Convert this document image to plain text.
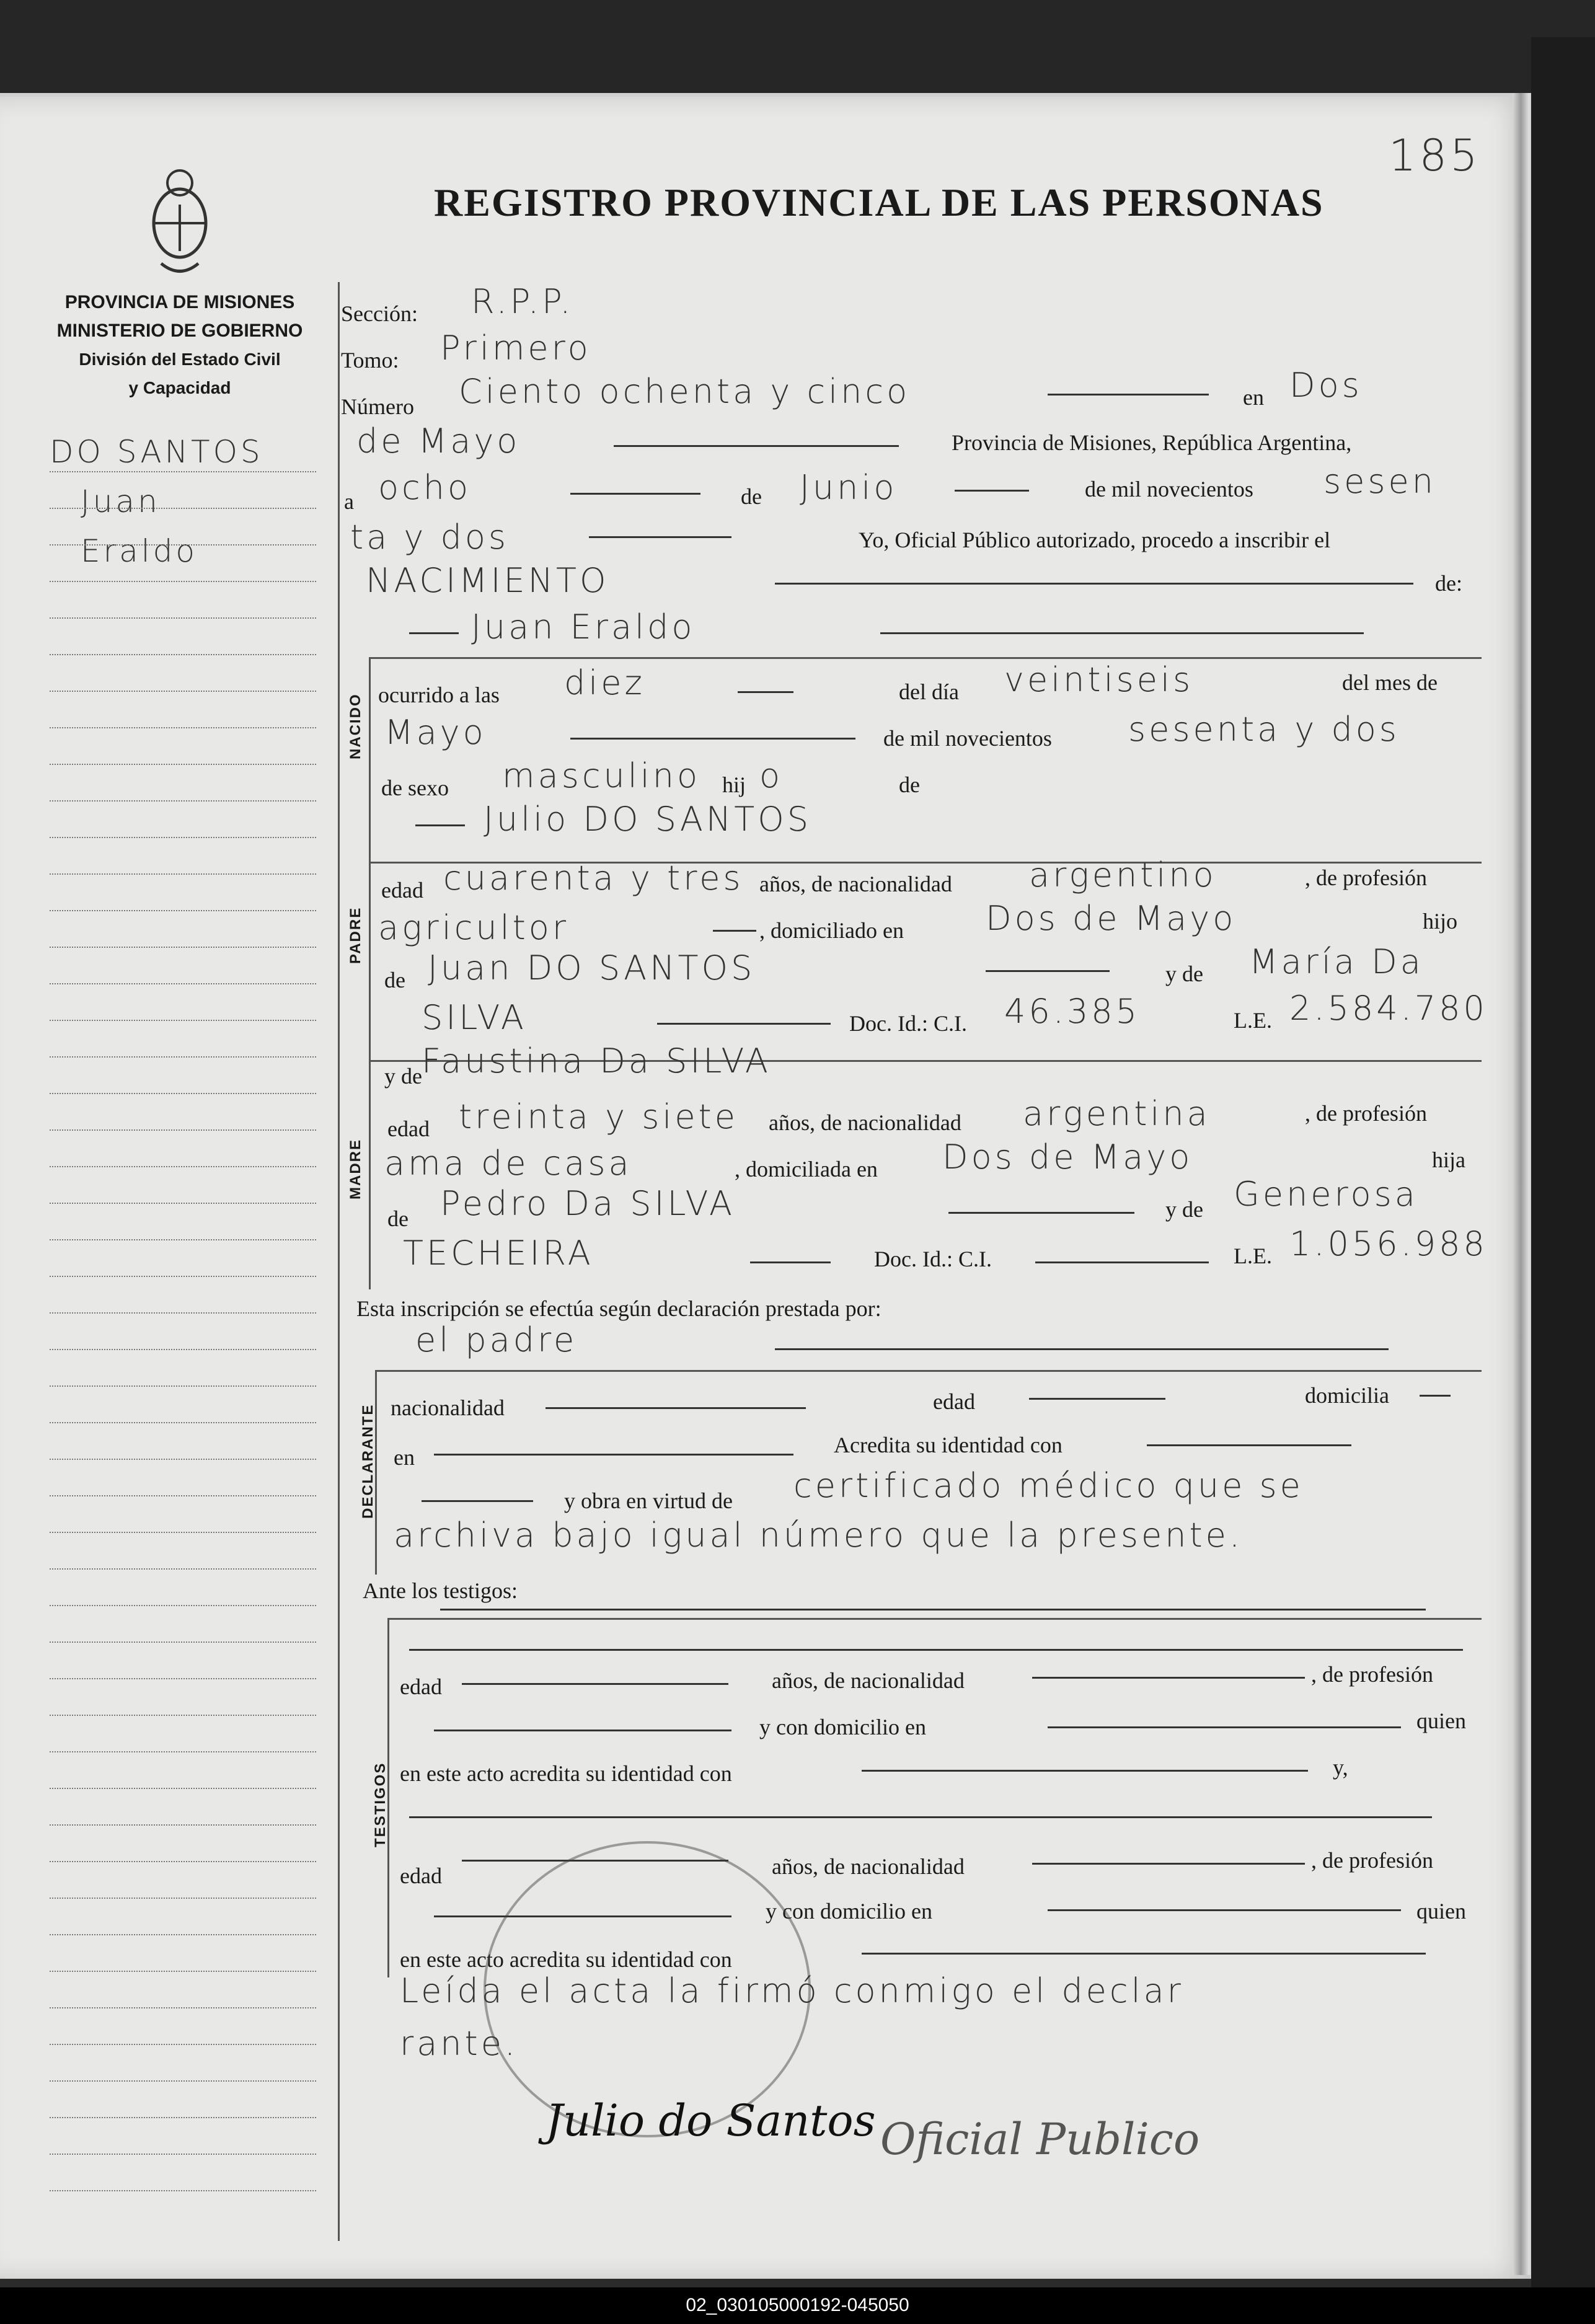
185
REGISTRO PROVINCIAL DE LAS PERSONAS
PROVINCIA DE MISIONES
MINISTERIO DE GOBIERNO
División del Estado Civil
y Capacidad
DO SANTOS
Juan
Eraldo
Sección: R.P.P.
Tomo: Primero
Número Ciento ochenta y cinco	en Dos
de Mayo	Provincia de Misiones, República Argentina,
a ocho	de Junio	de mil novecientos sesen
ta y dos	Yo, Oficial Público autorizado, procedo a inscribir el
NACIMIENTO	de:
Juan Eraldo
NACIDO ocurrido a las diez	del día veintiseis	del mes de
Mayo	de mil novecientos sesenta y dos
de sexo masculino hij o	de
Julio DO SANTOS
PADRE
edad cuarenta y tres años, de nacionalidad argentino	, de profesión
agricultor	, domiciliado en Dos de Mayo	hijo
de Juan DO SANTOS	y de María Da
SILVA	Doc. Id.: C.I. 46.385	L.E. 2.584.780
MADRE
y de Faustina Da SILVA
edad treinta y siete años, de nacionalidad argentina	, de profesión
ama de casa	, domiciliada en Dos de Mayo	hija
de Pedro Da SILVA	y de Generosa
TECHEIRA	Doc. Id.: C.I.	L.E. 1.056.988
Esta inscripción se efectúa según declaración prestada por:
el padre
DECLARANTE nacionalidad	edad	domicilia
en	Acredita su identidad con
y obra en virtud de certificado médico que se
archiva bajo igual número que la presente.
Ante los testigos:
TESTIGOS
edad	años, de nacionalidad	, de profesión
y con domicilio en	quien
en este acto acredita su identidad con	y,
edad	años, de nacionalidad	, de profesión
y con domicilio en	quien
en este acto acredita su identidad con
Leída el acta la firmó conmigo el declar
rante.
Julio do Santos Oficial Publico
02_030105000192-045050
